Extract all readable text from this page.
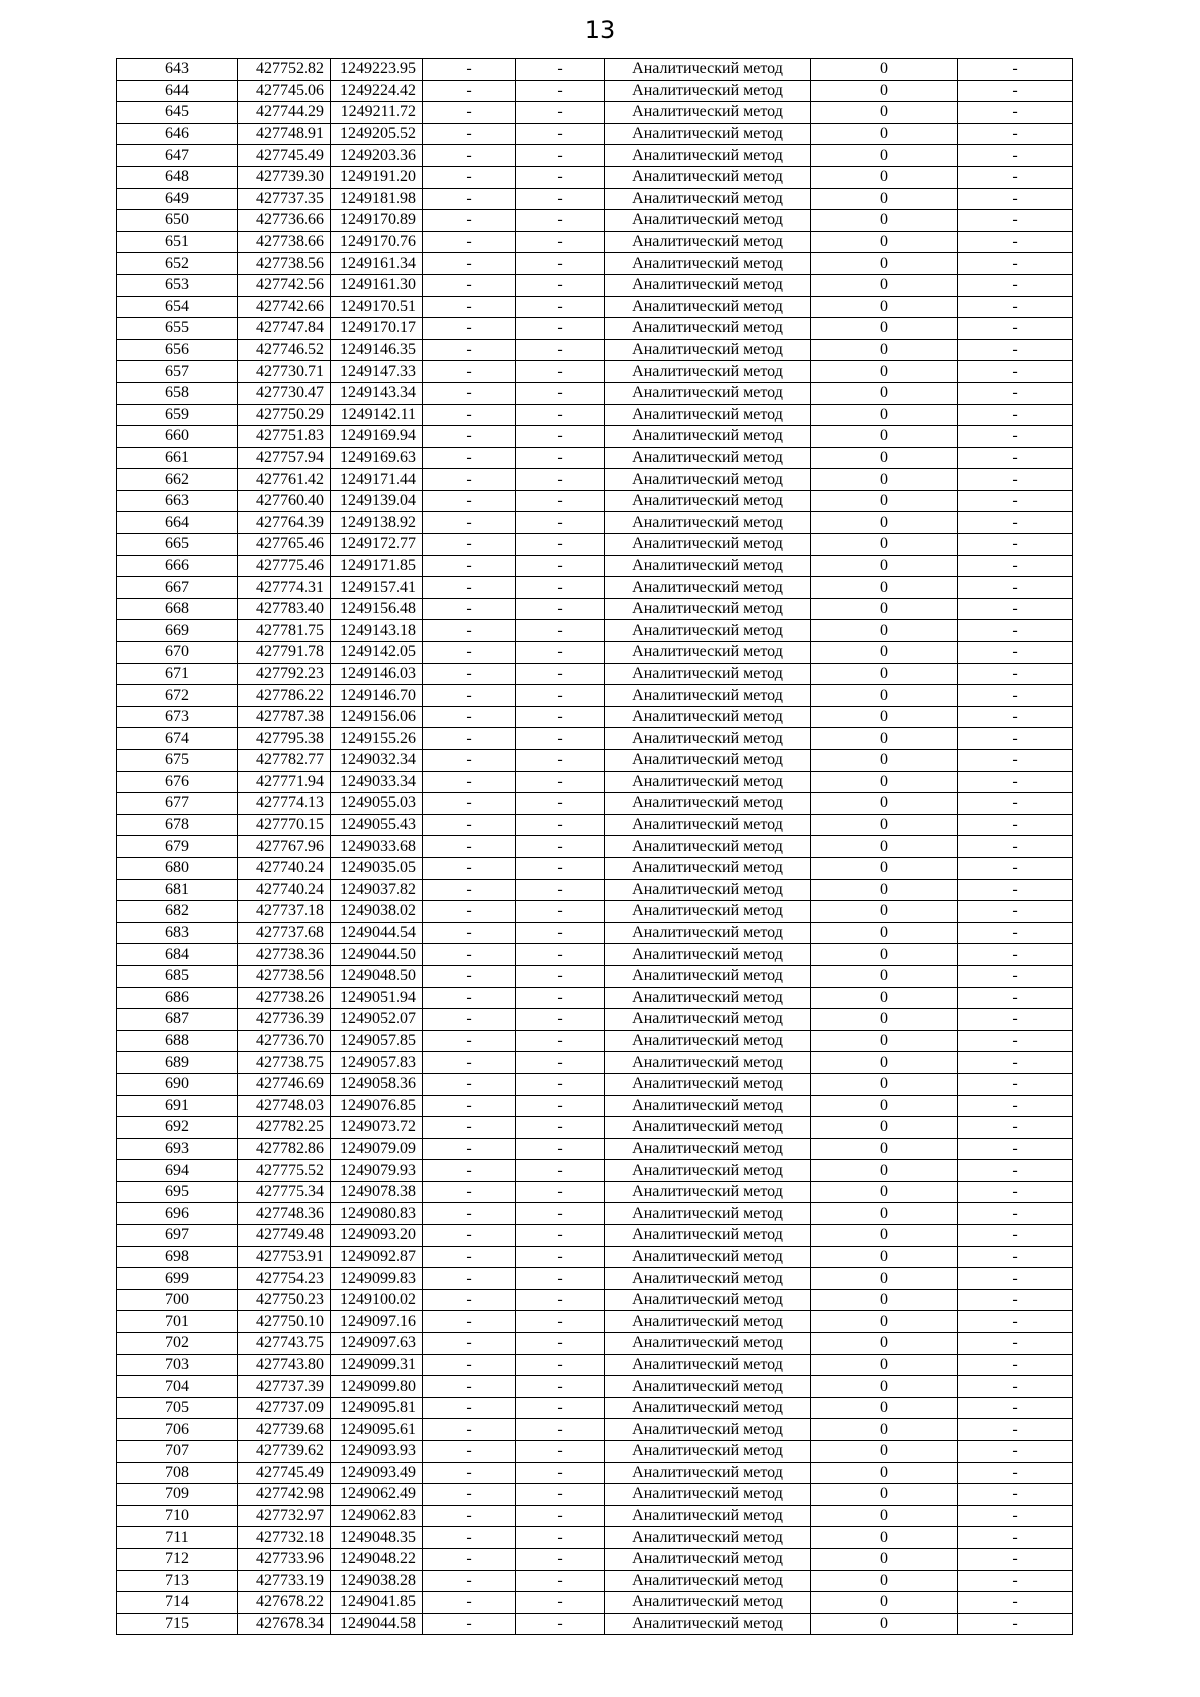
13
643	427752.82	1249223.95	-	-	Аналитический метод	0	-
644	427745.06	1249224.42	-	-	Аналитический метод	0	-
645	427744.29	1249211.72	-	-	Аналитический метод	0	-
646	427748.91	1249205.52	-	-	Аналитический метод	0	-
647	427745.49	1249203.36	-	-	Аналитический метод	0	-
648	427739.30	1249191.20	-	-	Аналитический метод	0	-
649	427737.35	1249181.98	-	-	Аналитический метод	0	-
650	427736.66	1249170.89	-	-	Аналитический метод	0	-
651	427738.66	1249170.76	-	-	Аналитический метод	0	-
652	427738.56	1249161.34	-	-	Аналитический метод	0	-
653	427742.56	1249161.30	-	-	Аналитический метод	0	-
654	427742.66	1249170.51	-	-	Аналитический метод	0	-
655	427747.84	1249170.17	-	-	Аналитический метод	0	-
656	427746.52	1249146.35	-	-	Аналитический метод	0	-
657	427730.71	1249147.33	-	-	Аналитический метод	0	-
658	427730.47	1249143.34	-	-	Аналитический метод	0	-
659	427750.29	1249142.11	-	-	Аналитический метод	0	-
660	427751.83	1249169.94	-	-	Аналитический метод	0	-
661	427757.94	1249169.63	-	-	Аналитический метод	0	-
662	427761.42	1249171.44	-	-	Аналитический метод	0	-
663	427760.40	1249139.04	-	-	Аналитический метод	0	-
664	427764.39	1249138.92	-	-	Аналитический метод	0	-
665	427765.46	1249172.77	-	-	Аналитический метод	0	-
666	427775.46	1249171.85	-	-	Аналитический метод	0	-
667	427774.31	1249157.41	-	-	Аналитический метод	0	-
668	427783.40	1249156.48	-	-	Аналитический метод	0	-
669	427781.75	1249143.18	-	-	Аналитический метод	0	-
670	427791.78	1249142.05	-	-	Аналитический метод	0	-
671	427792.23	1249146.03	-	-	Аналитический метод	0	-
672	427786.22	1249146.70	-	-	Аналитический метод	0	-
673	427787.38	1249156.06	-	-	Аналитический метод	0	-
674	427795.38	1249155.26	-	-	Аналитический метод	0	-
675	427782.77	1249032.34	-	-	Аналитический метод	0	-
676	427771.94	1249033.34	-	-	Аналитический метод	0	-
677	427774.13	1249055.03	-	-	Аналитический метод	0	-
678	427770.15	1249055.43	-	-	Аналитический метод	0	-
679	427767.96	1249033.68	-	-	Аналитический метод	0	-
680	427740.24	1249035.05	-	-	Аналитический метод	0	-
681	427740.24	1249037.82	-	-	Аналитический метод	0	-
682	427737.18	1249038.02	-	-	Аналитический метод	0	-
683	427737.68	1249044.54	-	-	Аналитический метод	0	-
684	427738.36	1249044.50	-	-	Аналитический метод	0	-
685	427738.56	1249048.50	-	-	Аналитический метод	0	-
686	427738.26	1249051.94	-	-	Аналитический метод	0	-
687	427736.39	1249052.07	-	-	Аналитический метод	0	-
688	427736.70	1249057.85	-	-	Аналитический метод	0	-
689	427738.75	1249057.83	-	-	Аналитический метод	0	-
690	427746.69	1249058.36	-	-	Аналитический метод	0	-
691	427748.03	1249076.85	-	-	Аналитический метод	0	-
692	427782.25	1249073.72	-	-	Аналитический метод	0	-
693	427782.86	1249079.09	-	-	Аналитический метод	0	-
694	427775.52	1249079.93	-	-	Аналитический метод	0	-
695	427775.34	1249078.38	-	-	Аналитический метод	0	-
696	427748.36	1249080.83	-	-	Аналитический метод	0	-
697	427749.48	1249093.20	-	-	Аналитический метод	0	-
698	427753.91	1249092.87	-	-	Аналитический метод	0	-
699	427754.23	1249099.83	-	-	Аналитический метод	0	-
700	427750.23	1249100.02	-	-	Аналитический метод	0	-
701	427750.10	1249097.16	-	-	Аналитический метод	0	-
702	427743.75	1249097.63	-	-	Аналитический метод	0	-
703	427743.80	1249099.31	-	-	Аналитический метод	0	-
704	427737.39	1249099.80	-	-	Аналитический метод	0	-
705	427737.09	1249095.81	-	-	Аналитический метод	0	-
706	427739.68	1249095.61	-	-	Аналитический метод	0	-
707	427739.62	1249093.93	-	-	Аналитический метод	0	-
708	427745.49	1249093.49	-	-	Аналитический метод	0	-
709	427742.98	1249062.49	-	-	Аналитический метод	0	-
710	427732.97	1249062.83	-	-	Аналитический метод	0	-
711	427732.18	1249048.35	-	-	Аналитический метод	0	-
712	427733.96	1249048.22	-	-	Аналитический метод	0	-
713	427733.19	1249038.28	-	-	Аналитический метод	0	-
714	427678.22	1249041.85	-	-	Аналитический метод	0	-
715	427678.34	1249044.58	-	-	Аналитический метод	0	-
